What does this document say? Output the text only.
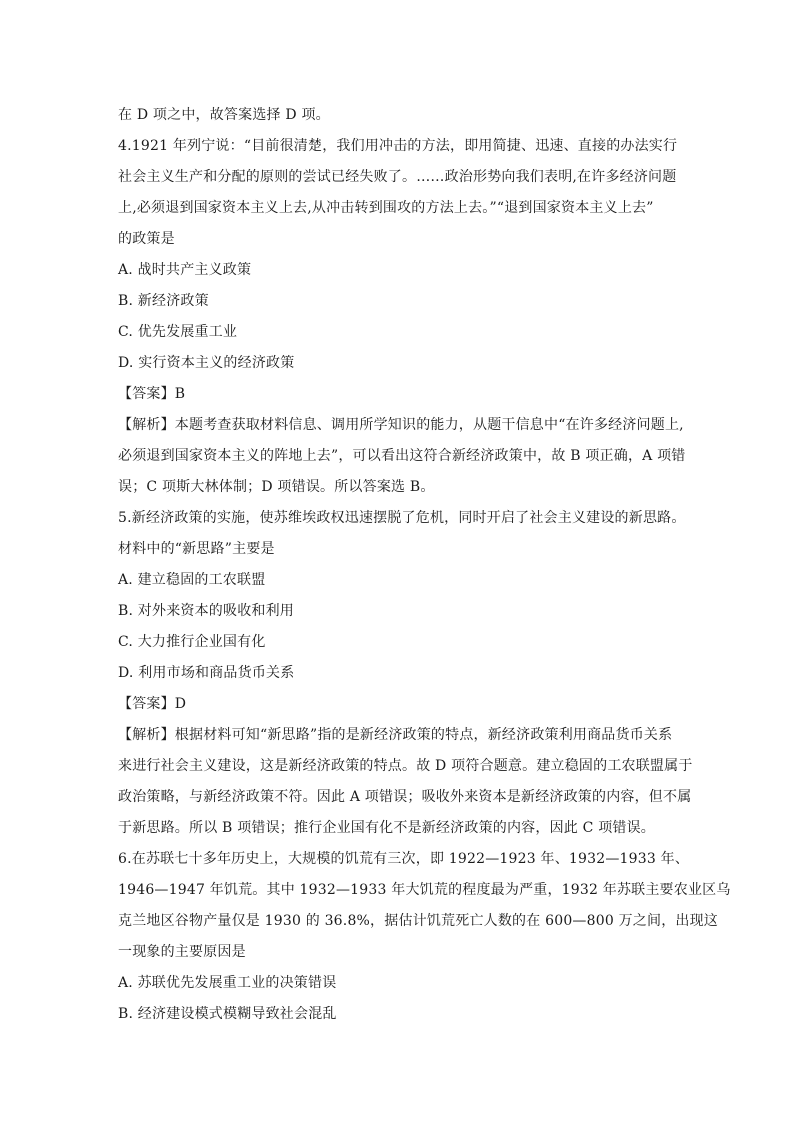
在 D 项之中，故答案选择 D 项。
4.1921 年列宁说：“目前很清楚，我们用冲击的方法，即用简捷、迅速、直接的办法实行
社会主义生产和分配的原则的尝试已经失败了。……政治形势向我们表明,在许多经济问题
上,必须退到国家资本主义上去,从冲击转到围攻的方法上去。”“退到国家资本主义上去”
的政策是
A. 战时共产主义政策
B. 新经济政策
C. 优先发展重工业
D. 实行资本主义的经济政策
【答案】B
【解析】本题考查获取材料信息、调用所学知识的能力，从题干信息中“在许多经济问题上,
必须退到国家资本主义的阵地上去”，可以看出这符合新经济政策中，故 B 项正确，A 项错
误；C 项斯大林体制；D 项错误。所以答案选 B。
5.新经济政策的实施，使苏维埃政权迅速摆脱了危机，同时开启了社会主义建设的新思路。
材料中的“新思路”主要是
A. 建立稳固的工农联盟
B. 对外来资本的吸收和利用
C. 大力推行企业国有化
D. 利用市场和商品货币关系
【答案】D
【解析】根据材料可知“新思路”指的是新经济政策的特点，新经济政策利用商品货币关系
来进行社会主义建设，这是新经济政策的特点。故 D 项符合题意。建立稳固的工农联盟属于
政治策略，与新经济政策不符。因此 A 项错误；吸收外来资本是新经济政策的内容，但不属
于新思路。所以 B 项错误；推行企业国有化不是新经济政策的内容，因此 C 项错误。
6.在苏联七十多年历史上，大规模的饥荒有三次，即 1922—1923 年、1932—1933 年、
1946—1947 年饥荒。其中 1932—1933 年大饥荒的程度最为严重，1932 年苏联主要农业区乌
克兰地区谷物产量仅是 1930 的 36.8%，据估计饥荒死亡人数的在 600—800 万之间，出现这
一现象的主要原因是
A. 苏联优先发展重工业的决策错误
B. 经济建设模式模糊导致社会混乱
